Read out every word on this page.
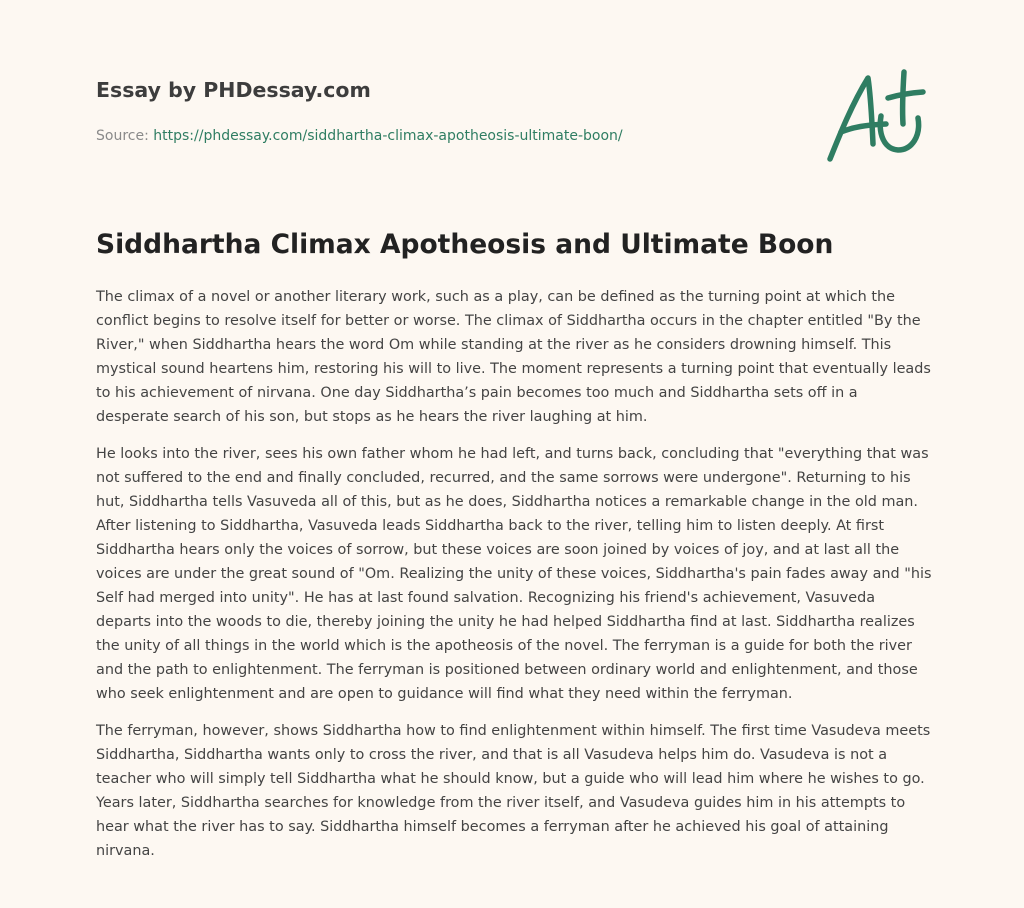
Essay by PHDessay.com
Source: https://phdessay.com/siddhartha-climax-apotheosis-ultimate-boon/
Siddhartha Climax Apotheosis and Ultimate Boon

The climax of a novel or another literary work, such as a play, can be defined as the turning point at which the conflict begins to resolve itself for better or worse. The climax of Siddhartha occurs in the chapter entitled "By the River," when Siddhartha hears the word Om while standing at the river as he considers drowning himself. This mystical sound heartens him, restoring his will to live. The moment represents a turning point that eventually leads to his achievement of nirvana. One day Siddhartha’s pain becomes too much and Siddhartha sets off in a desperate search of his son, but stops as he hears the river laughing at him.

He looks into the river, sees his own father whom he had left, and turns back, concluding that "everything that was not suffered to the end and finally concluded, recurred, and the same sorrows were undergone". Returning to his hut, Siddhartha tells Vasuveda all of this, but as he does, Siddhartha notices a remarkable change in the old man. After listening to Siddhartha, Vasuveda leads Siddhartha back to the river, telling him to listen deeply. At first Siddhartha hears only the voices of sorrow, but these voices are soon joined by voices of joy, and at last all the voices are under the great sound of "Om. Realizing the unity of these voices, Siddhartha's pain fades away and "his Self had merged into unity". He has at last found salvation. Recognizing his friend's achievement, Vasuveda departs into the woods to die, thereby joining the unity he had helped Siddhartha find at last. Siddhartha realizes the unity of all things in the world which is the apotheosis of the novel. The ferryman is a guide for both the river and the path to enlightenment. The ferryman is positioned between ordinary world and enlightenment, and those who seek enlightenment and are open to guidance will find what they need within the ferryman.

The ferryman, however, shows Siddhartha how to find enlightenment within himself. The first time Vasudeva meets Siddhartha, Siddhartha wants only to cross the river, and that is all Vasudeva helps him do. Vasudeva is not a teacher who will simply tell Siddhartha what he should know, but a guide who will lead him where he wishes to go. Years later, Siddhartha searches for knowledge from the river itself, and Vasudeva guides him in his attempts to hear what the river has to say. Siddhartha himself becomes a ferryman after he achieved his goal of attaining nirvana.
